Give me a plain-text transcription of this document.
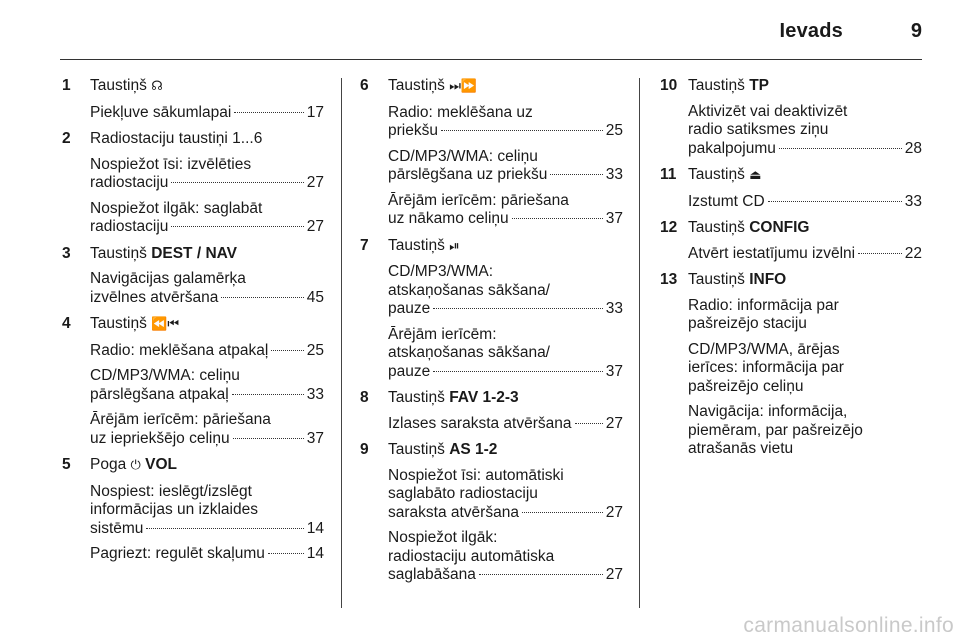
Ievads	9
1	Taustiņš ☊
Piekļuve sākumlapai	17
2	Radiostaciju taustiņi 1...6
Nospiežot īsi: izvēlēties
radiostaciju	27
Nospiežot ilgāk: saglabāt
radiostaciju	27
3	Taustiņš DEST / NAV
Navigācijas galamērķa
izvēlnes atvēršana	45
4	Taustiņš ⏪⏮
Radio: meklēšana atpakaļ 25
CD/MP3/WMA: celiņu
pārslēgšana atpakaļ	33
Ārējām ierīcēm: pāriešana
uz iepriekšējo celiņu	37
5	Poga ⏻ VOL
Nospiest: ieslēgt/izslēgt
informācijas un izklaides
sistēmu	14
Pagriezt: regulēt skaļumu	14
6	Taustiņš ⏭⏩
Radio: meklēšana uz
priekšu	25
CD/MP3/WMA: celiņu
pārslēgšana uz priekšu	33
Ārējām ierīcēm: pāriešana
uz nākamo celiņu	37
7	Taustiņš ⏯
CD/MP3/WMA:
atskaņošanas sākšana/
pauze	33
Ārējām ierīcēm:
atskaņošanas sākšana/
pauze	37
8	Taustiņš FAV 1-2-3
Izlases saraksta atvēršana 27
9	Taustiņš AS 1-2
Nospiežot īsi: automātiski
saglabāto radiostaciju
saraksta atvēršana	27
Nospiežot ilgāk:
radiostaciju automātiska
saglabāšana	27
10 Taustiņš TP
Aktivizēt vai deaktivizēt
radio satiksmes ziņu
pakalpojumu	28
11 Taustiņš ⏏
Izstumt CD	33
12 Taustiņš CONFIG
Atvērt iestatījumu izvēlni	22
13 Taustiņš INFO
Radio: informācija par
pašreizējo staciju
CD/MP3/WMA, ārējas
ierīces: informācija par
pašreizējo celiņu
Navigācija: informācija,
piemēram, par pašreizējo
atrašanās vietu
carmanualsonline.info
